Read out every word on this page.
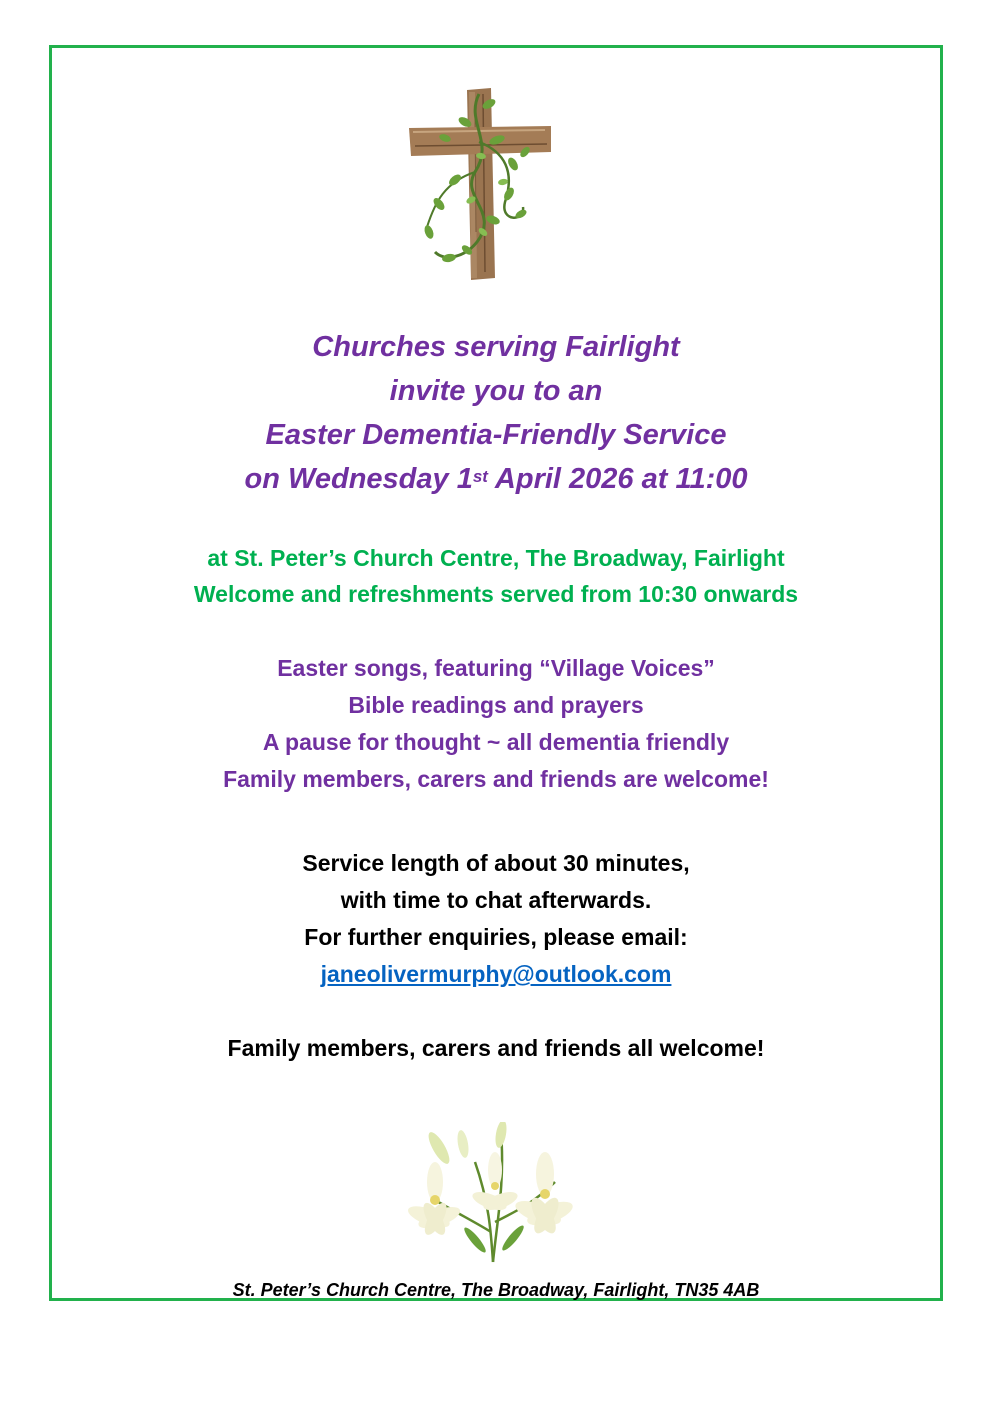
Churches serving Fairlight
invite you to an
Easter Dementia-Friendly Service
on Wednesday 1st April 2026 at 11:00
at St. Peter’s Church Centre, The Broadway, Fairlight
Welcome and refreshments served from 10:30 onwards
Easter songs, featuring “Village Voices”
Bible readings and prayers
A pause for thought ~ all dementia friendly
Family members, carers and friends are welcome!
Service length of about 30 minutes,
with time to chat afterwards.
For further enquiries, please email:
janeolivermurphy@outlook.com
Family members, carers and friends all welcome!
St. Peter’s Church Centre, The Broadway, Fairlight, TN35 4AB
